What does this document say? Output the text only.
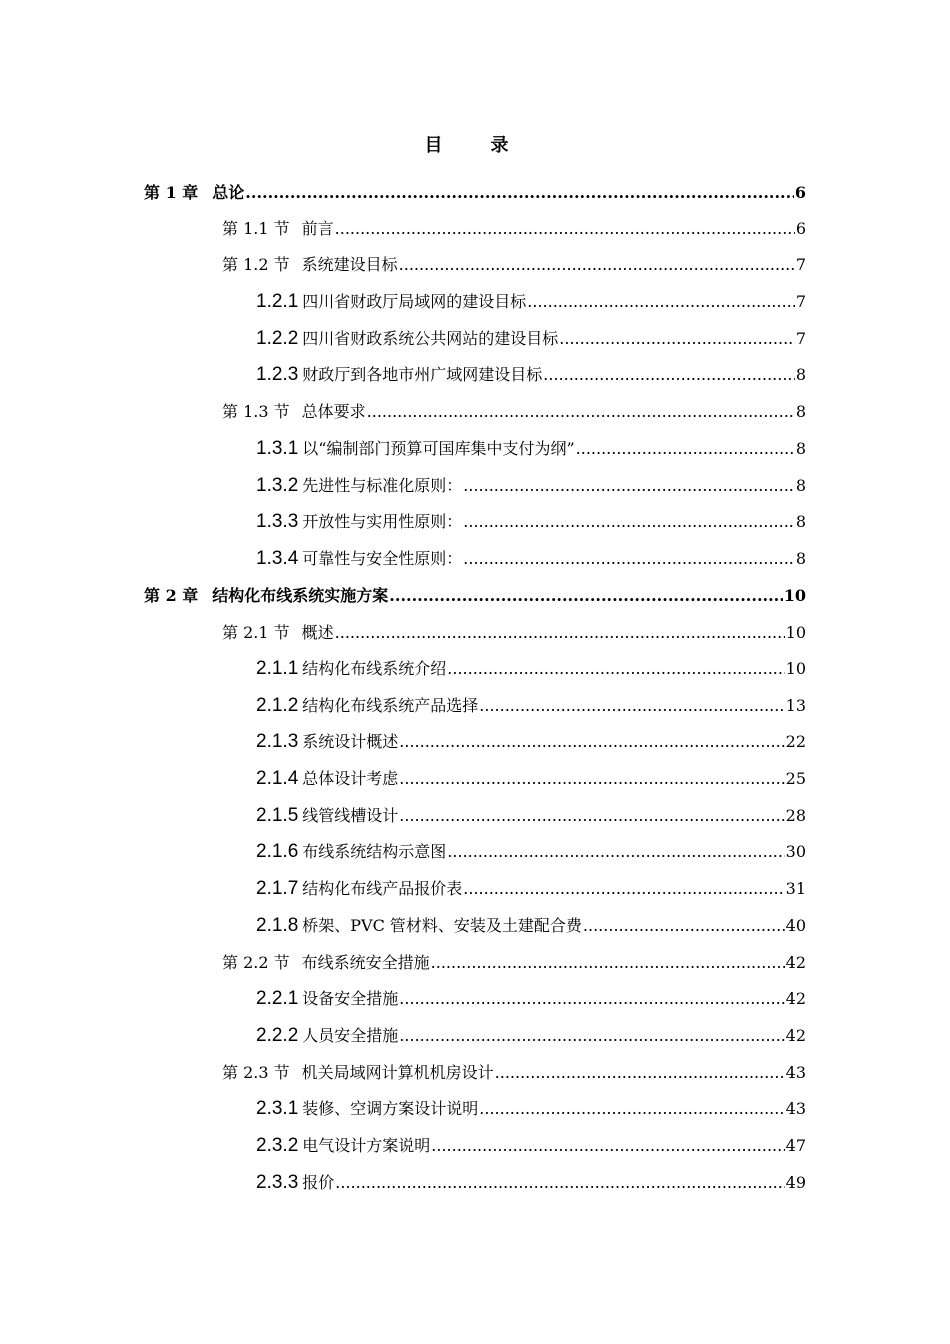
目	录
第 1 章 总论 .....	6
第 1.1 节 前言 .....	6
第 1.2 节 系统建设目标 .....	7
1.2.1 四川省财政厅局域网的建设目标 .....	7
1.2.2 四川省财政系统公共网站的建设目标 .....	7
1.2.3 财政厅到各地市州广域网建设目标 .....	8
第 1.3 节 总体要求 .....	8
1.3.1 以“编制部门预算可国库集中支付为纲” .....	8
1.3.2 先进性与标准化原则： .....	8
1.3.3 开放性与实用性原则： .....	8
1.3.4 可靠性与安全性原则： .....	8
第 2 章 结构化布线系统实施方案 .....	10
第 2.1 节 概述 .....	10
2.1.1 结构化布线系统介绍 .....	10
2.1.2 结构化布线系统产品选择 .....	13
2.1.3 系统设计概述 .....	22
2.1.4 总体设计考虑 .....	25
2.1.5 线管线槽设计 .....	28
2.1.6 布线系统结构示意图 .....	30
2.1.7 结构化布线产品报价表 .....	31
2.1.8 桥架、PVC 管材料、安装及土建配合费 .....	40
第 2.2 节 布线系统安全措施 .....	42
2.2.1 设备安全措施 .....	42
2.2.2 人员安全措施 .....	42
第 2.3 节 机关局域网计算机机房设计 .....	43
2.3.1 装修、空调方案设计说明 .....	43
2.3.2 电气设计方案说明 .....	47
2.3.3 报价 .....	49
